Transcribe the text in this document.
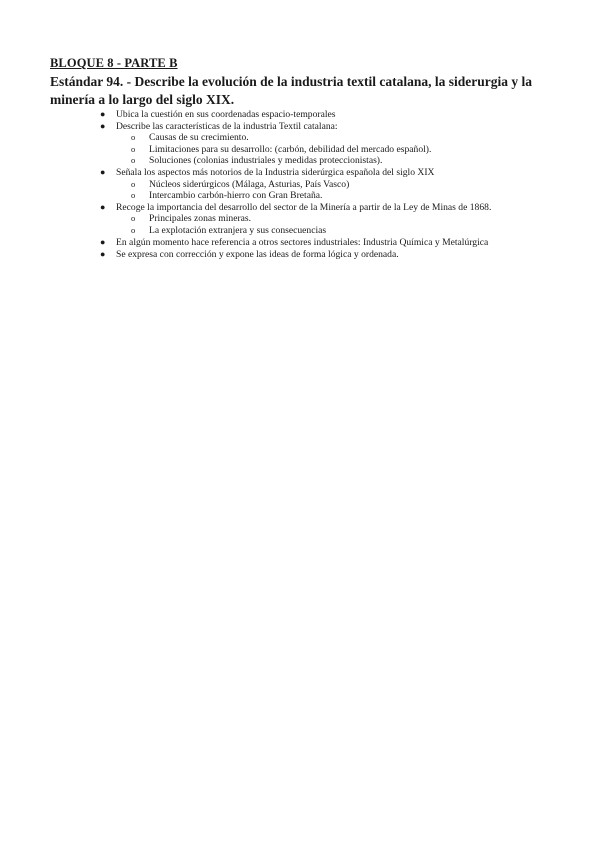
BLOQUE 8 - PARTE B

Estándar 94. - Describe la evolución de la industria textil catalana, la siderurgia y la minería a lo largo del siglo XIX.

● Ubica la cuestión en sus coordenadas espacio-temporales
● Describe las características de la industria Textil catalana:
o Causas de su crecimiento.
o Limitaciones para su desarrollo: (carbón, debilidad del mercado español).
o Soluciones (colonias industriales y medidas proteccionistas).
● Señala los aspectos más notorios de la Industria siderúrgica española del siglo XIX
o Núcleos siderúrgicos (Málaga, Asturias, País Vasco)
o Intercambio carbón-hierro con Gran Bretaña.
● Recoge la importancia del desarrollo del sector de la Minería a partir de la Ley de Minas de 1868.
o Principales zonas mineras.
o La explotación extranjera y sus consecuencias
● En algún momento hace referencia a otros sectores industriales: Industria Química y Metalúrgica
● Se expresa con corrección y expone las ideas de forma lógica y ordenada.
